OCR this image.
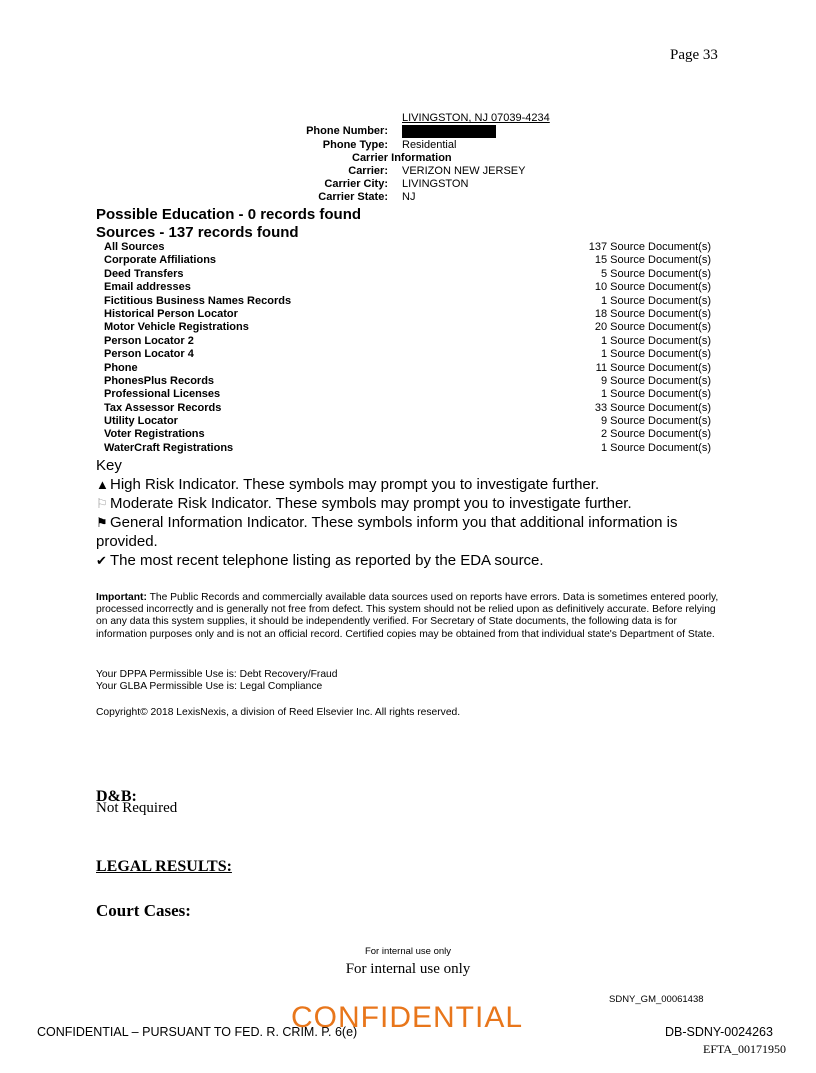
Page 33
LIVINGSTON, NJ 07039-4234
Phone Number:
Phone Type: Residential
Carrier Information
Carrier: VERIZON NEW JERSEY
Carrier City: LIVINGSTON
Carrier State: NJ
Possible Education - 0 records found
Sources - 137 records found
All Sources	137 Source Document(s)
Corporate Affiliations	15 Source Document(s)
Deed Transfers	5 Source Document(s)
Email addresses	10 Source Document(s)
Fictitious Business Names Records	1 Source Document(s)
Historical Person Locator	18 Source Document(s)
Motor Vehicle Registrations	20 Source Document(s)
Person Locator 2	1 Source Document(s)
Person Locator 4	1 Source Document(s)
Phone	11 Source Document(s)
PhonesPlus Records	9 Source Document(s)
Professional Licenses	1 Source Document(s)
Tax Assessor Records	33 Source Document(s)
Utility Locator	9 Source Document(s)
Voter Registrations	2 Source Document(s)
WaterCraft Registrations	1 Source Document(s)

Key

▲High Risk Indicator. These symbols may prompt you to investigate further.

⚐ Moderate Risk Indicator. These symbols may prompt you to investigate further.

⚑ General Information Indicator. These symbols inform you that additional information is provided.

✔ The most recent telephone listing as reported by the EDA source.

Important: The Public Records and commercially available data sources used on reports have errors. Data is sometimes entered poorly, processed incorrectly and is generally not free from defect. This system should not be relied upon as definitively accurate. Before relying on any data this system supplies, it should be independently verified. For Secretary of State documents, the following data is for information purposes only and is not an official record. Certified copies may be obtained from that individual state's Department of State.
Your DPPA Permissible Use is: Debt Recovery/Fraud
Your GLBA Permissible Use is: Legal Compliance
Copyright© 2018 LexisNexis, a division of Reed Elsevier Inc. All rights reserved.
D&B:
Not Required
LEGAL RESULTS:
Court Cases:
For internal use only
For internal use only
SDNY_GM_00061438
CONFIDENTIAL – PURSUANT TO FED. R. CRIM. P. 6(e)
CONFIDENTIAL	DB-SDNY-0024263
EFTA_00171950
